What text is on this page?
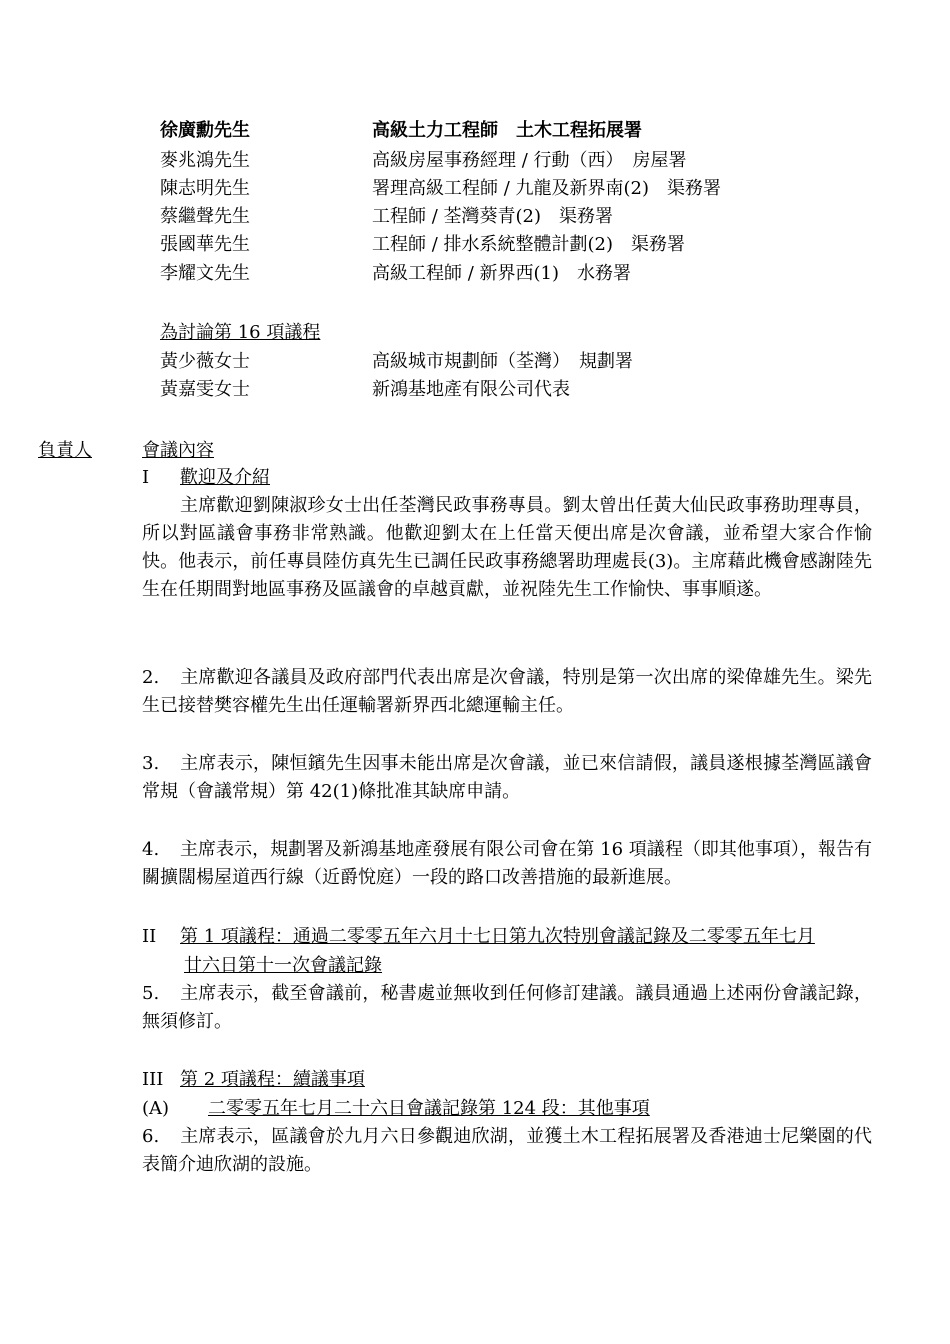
徐廣勳先生	高級土力工程師　土木工程拓展署
麥兆鴻先生	高級房屋事務經理 / 行動（西）　房屋署
陳志明先生	署理高級工程師 / 九龍及新界南(2)　渠務署
蔡繼聲先生	工程師 / 荃灣葵青(2)　渠務署
張國華先生	工程師 / 排水系統整體計劃(2)　渠務署
李耀文先生	高級工程師 / 新界西(1)　水務署
為討論第 16 項議程
黃少薇女士	高級城市規劃師（荃灣）　規劃署
黃嘉雯女士	新鴻基地產有限公司代表
負責人	會議內容
I 歡迎及介紹
主席歡迎劉陳淑珍女士出任荃灣民政事務專員。劉太曾出任黃大仙民政事務助理專員，所以對區議會事務非常熟識。他歡迎劉太在上任當天便出席是次會議，並希望大家合作愉快。他表示，前任專員陸仿真先生已調任民政事務總署助理處長(3)。主席藉此機會感謝陸先生在任期間對地區事務及區議會的卓越貢獻，並祝陸先生工作愉快、事事順遂。
2. 主席歡迎各議員及政府部門代表出席是次會議，特別是第一次出席的梁偉雄先生。梁先生已接替樊容權先生出任運輸署新界西北總運輸主任。
3. 主席表示，陳恒鑌先生因事未能出席是次會議，並已來信請假，議員遂根據荃灣區議會常規（會議常規）第 42(1)條批准其缺席申請。
4. 主席表示，規劃署及新鴻基地產發展有限公司會在第 16 項議程（即其他事項），報告有關擴闊楊屋道西行線（近爵悅庭）一段的路口改善措施的最新進展。
II 第 1 項議程：通過二零零五年六月十七日第九次特別會議記錄及二零零五年七月
廿六日第十一次會議記錄
5. 主席表示，截至會議前，秘書處並無收到任何修訂建議。議員通過上述兩份會議記錄，無須修訂。
III 第 2 項議程：續議事項
(A) 二零零五年七月二十六日會議記錄第 124 段：其他事項
6. 主席表示，區議會於九月六日參觀迪欣湖，並獲土木工程拓展署及香港迪士尼樂園的代表簡介迪欣湖的設施。
